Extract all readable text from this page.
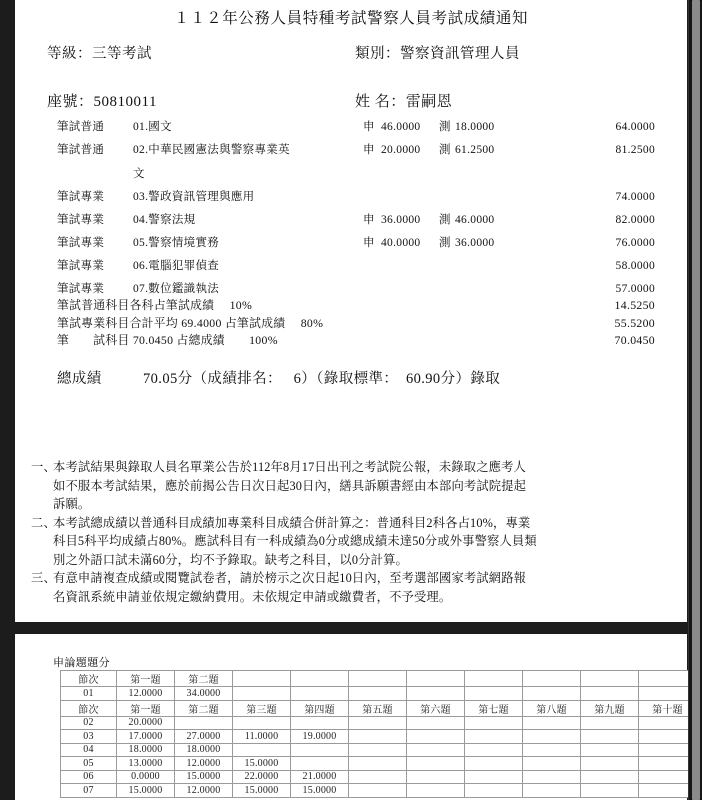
１１２年公務人員特種考試警察人員考試成績通知
等級：三等考試	類別：警察資訊管理人員
座號：50810011	姓 名：雷嗣恩
筆試普通	01.國文	申 46.0000	測 18.0000	64.0000
筆試普通	02.中華民國憲法與警察專業英	申 20.0000	測 61.2500	81.2500
文
筆試專業	03.警政資訊管理與應用	74.0000
筆試專業	04.警察法規	申 36.0000	測 46.0000	82.0000
筆試專業	05.警察情境實務	申 40.0000	測 36.0000	76.0000
筆試專業	06.電腦犯罪偵查	58.0000
筆試專業	07.數位鑑識執法	57.0000
筆試普通科目各科占筆試成績　 10%	14.5250
筆試專業科目合計平均 69.4000 占筆試成績　 80%	55.5200
筆　　試科目 70.0450 占總成績　　100%	70.0450
總成績	70.05分（成績排名：　 6）（錄取標準：　60.90分）錄取
一、
本考試結果與錄取人員名單業公告於112年8月17日出刊之考試院公報，未錄取之應考人
如不服本考試結果，應於前揭公告日次日起30日內，繕具訴願書經由本部向考試院提起
訴願。
二、
本考試總成績以普通科目成績加專業科目成績合併計算之：普通科目2科各占10%，專業
科目5科平均成績占80%。應試科目有一科成績為0分或總成績未達50分或外事警察人員類
別之外語口試未滿60分，均不予錄取。缺考之科目，以0分計算。
三、
有意申請複查成績或閱覽試卷者，請於榜示之次日起10日內，至考選部國家考試網路報
名資訊系統申請並依規定繳納費用。未依規定申請或繳費者，不予受理。
申論題題分
節次	第一題	第二題								
01	12.0000	34.0000								
節次	第一題	第二題	第三題	第四題	第五題	第六題	第七題	第八題	第九題	第十題
02	20.0000									
03	17.0000	27.0000	11.0000	19.0000						
04	18.0000	18.0000								
05	13.0000	12.0000	15.0000							
06	0.0000	15.0000	22.0000	21.0000						
07	15.0000	12.0000	15.0000	15.0000						
